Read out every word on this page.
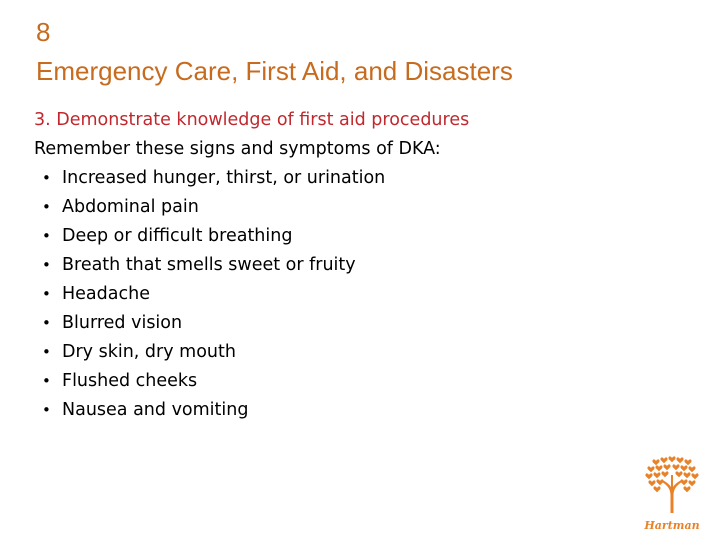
8
Emergency Care, First Aid, and Disasters
3. Demonstrate knowledge of first aid procedures
Remember these signs and symptoms of DKA:
• Increased hunger, thirst, or urination
• Abdominal pain
• Deep or difficult breathing
• Breath that smells sweet or fruity
• Headache
• Blurred vision
• Dry skin, dry mouth
• Flushed cheeks
• Nausea and vomiting
Hartman
